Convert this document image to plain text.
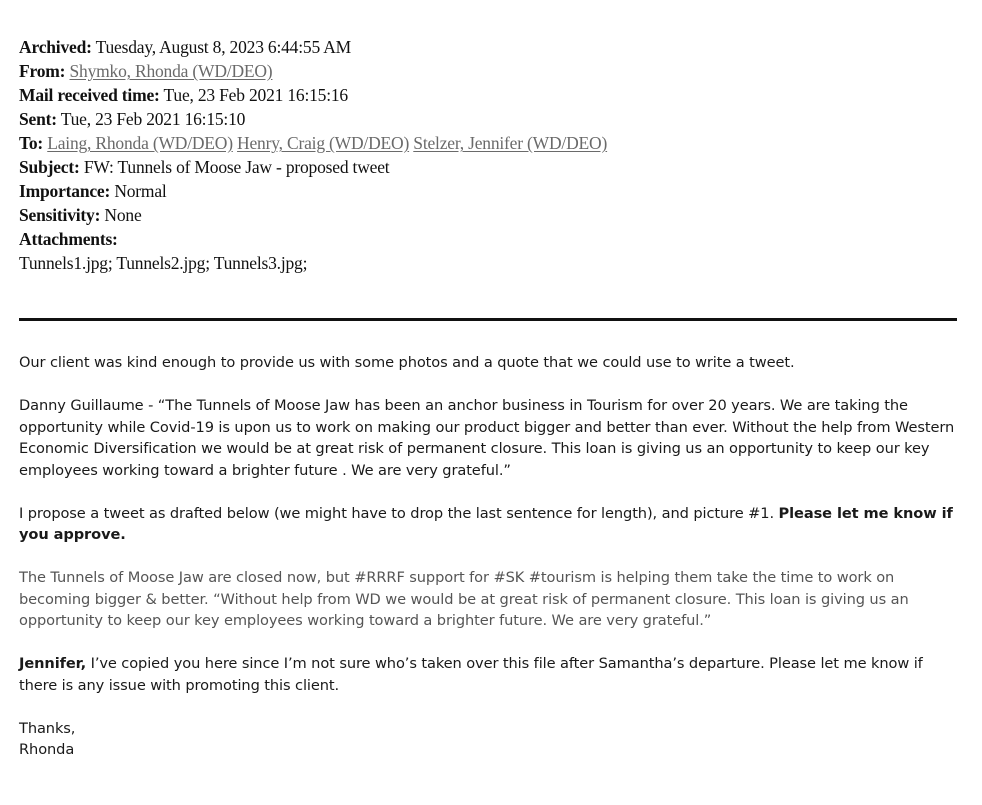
Archived: Tuesday, August 8, 2023 6:44:55 AM
From: Shymko, Rhonda (WD/DEO)
Mail received time: Tue, 23 Feb 2021 16:15:16
Sent: Tue, 23 Feb 2021 16:15:10
To: Laing, Rhonda (WD/DEO) Henry, Craig (WD/DEO) Stelzer, Jennifer (WD/DEO)
Subject: FW: Tunnels of Moose Jaw - proposed tweet
Importance: Normal
Sensitivity: None
Attachments:
Tunnels1.jpg; Tunnels2.jpg; Tunnels3.jpg;

Our client was kind enough to provide us with some photos and a quote that we could use to write a tweet.

Danny Guillaume - “The Tunnels of Moose Jaw has been an anchor business in Tourism for over 20 years. We are taking the opportunity while Covid-19 is upon us to work on making our product bigger and better than ever. Without the help from Western Economic Diversification we would be at great risk of permanent closure. This loan is giving us an opportunity to keep our key employees working toward a brighter future . We are very grateful.”

I propose a tweet as drafted below (we might have to drop the last sentence for length), and picture #1. Please let me know if you approve.

The Tunnels of Moose Jaw are closed now, but #RRRF support for #SK #tourism is helping them take the time to work on becoming bigger & better. “Without help from WD we would be at great risk of permanent closure. This loan is giving us an opportunity to keep our key employees working toward a brighter future. We are very grateful.”

Jennifer, I’ve copied you here since I’m not sure who’s taken over this file after Samantha’s departure. Please let me know if there is any issue with promoting this client.

Thanks,
Rhonda
